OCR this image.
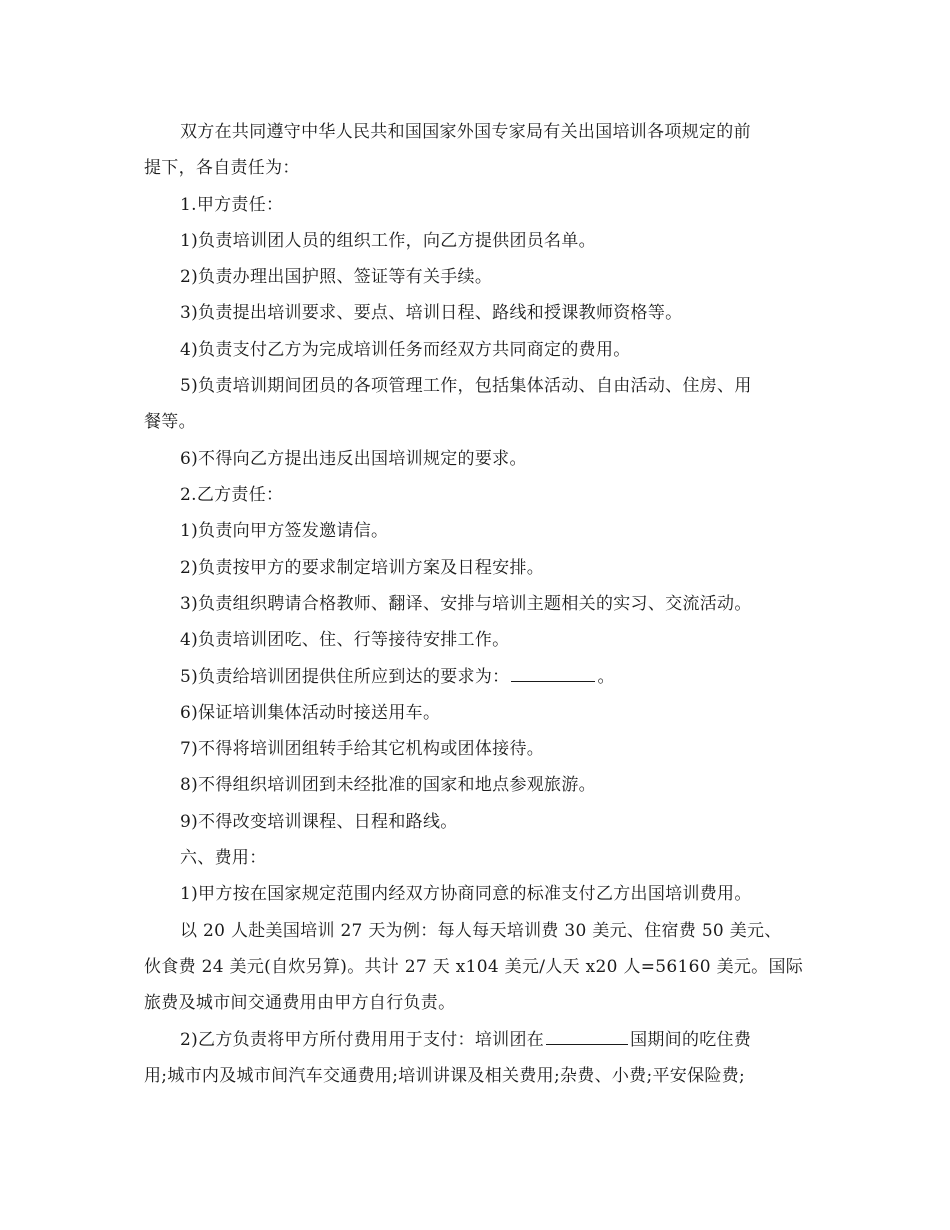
双方在共同遵守中华人民共和国国家外国专家局有关出国培训各项规定的前
提下，各自责任为：
1.甲方责任：
1)负责培训团人员的组织工作，向乙方提供团员名单。
2)负责办理出国护照、签证等有关手续。
3)负责提出培训要求、要点、培训日程、路线和授课教师资格等。
4)负责支付乙方为完成培训任务而经双方共同商定的费用。
5)负责培训期间团员的各项管理工作，包括集体活动、自由活动、住房、用
餐等。
6)不得向乙方提出违反出国培训规定的要求。
2.乙方责任：
1)负责向甲方签发邀请信。
2)负责按甲方的要求制定培训方案及日程安排。
3)负责组织聘请合格教师、翻译、安排与培训主题相关的实习、交流活动。
4)负责培训团吃、住、行等接待安排工作。
5)负责给培训团提供住所应到达的要求为：	。
6)保证培训集体活动时接送用车。
7)不得将培训团组转手给其它机构或团体接待。
8)不得组织培训团到未经批准的国家和地点参观旅游。
9)不得改变培训课程、日程和路线。
六、费用：
1)甲方按在国家规定范围内经双方协商同意的标准支付乙方出国培训费用。
以 20 人赴美国培训 27 天为例：每人每天培训费 30 美元、住宿费 50 美元、
伙食费 24 美元(自炊另算)。共计 27 天 x104 美元/人天 x20 人=56160 美元。国际
旅费及城市间交通费用由甲方自行负责。
2)乙方负责将甲方所付费用用于支付：培训团在	国期间的吃住费
用;城市内及城市间汽车交通费用;培训讲课及相关费用;杂费、小费;平安保险费;
